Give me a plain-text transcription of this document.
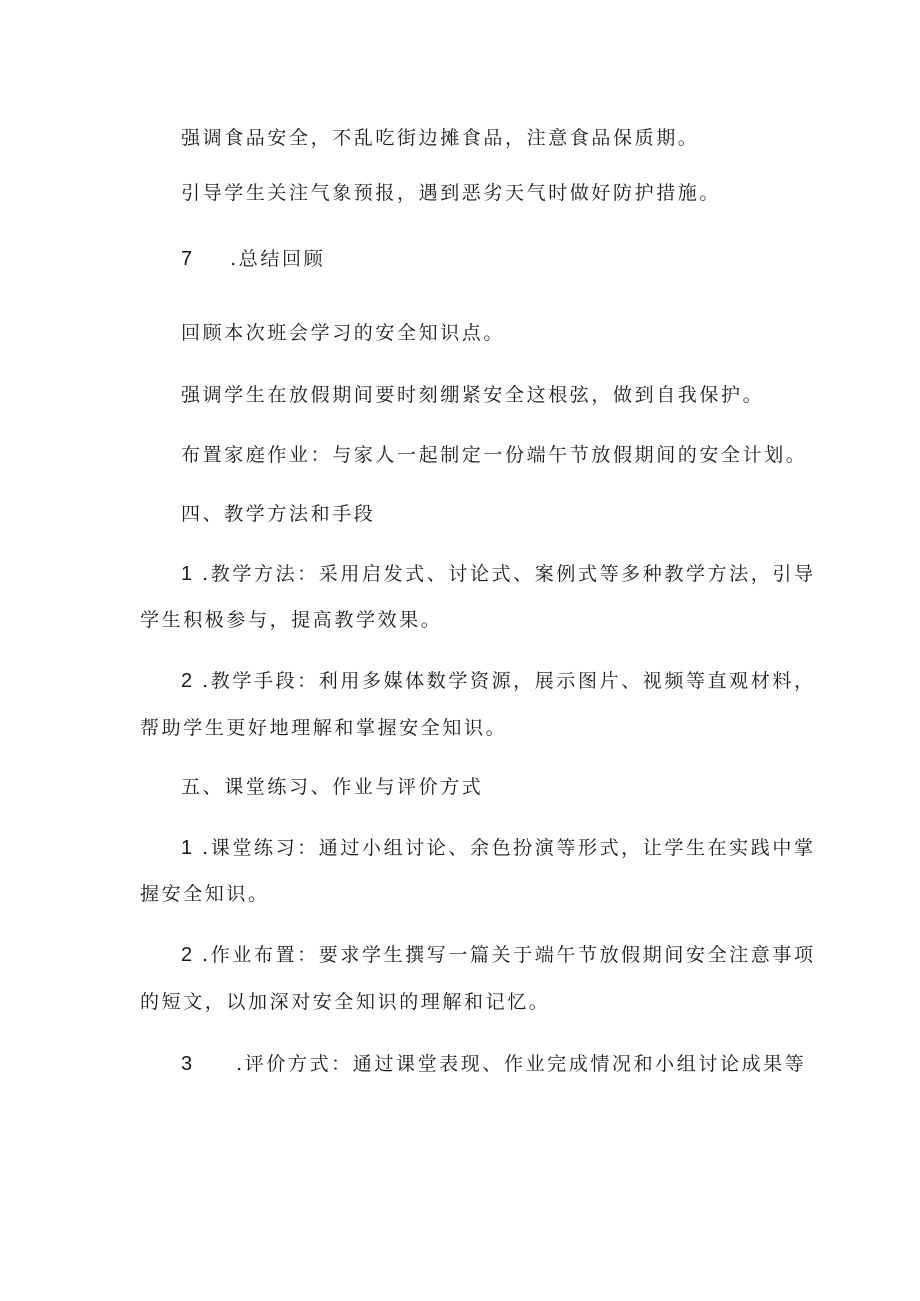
强调食品安全，不乱吃街边摊食品，注意食品保质期。
引导学生关注气象预报，遇到恶劣天气时做好防护措施。
7 .总结回顾
回顾本次班会学习的安全知识点。
强调学生在放假期间要时刻绷紧安全这根弦，做到自我保护。
布置家庭作业：与家人一起制定一份端午节放假期间的安全计划。
四、教学方法和手段
1 .教学方法：采用启发式、讨论式、案例式等多种教学方法，引导
学生积极参与，提高教学效果。
2 .教学手段：利用多媒体数学资源，展示图片、视频等直观材料，
帮助学生更好地理解和掌握安全知识。
五、课堂练习、作业与评价方式
1 .课堂练习：通过小组讨论、余色扮演等形式，让学生在实践中掌
握安全知识。
2 .作业布置：要求学生撰写一篇关于端午节放假期间安全注意事项
的短文，以加深对安全知识的理解和记忆。
3 .评价方式：通过课堂表现、作业完成情况和小组讨论成果等
